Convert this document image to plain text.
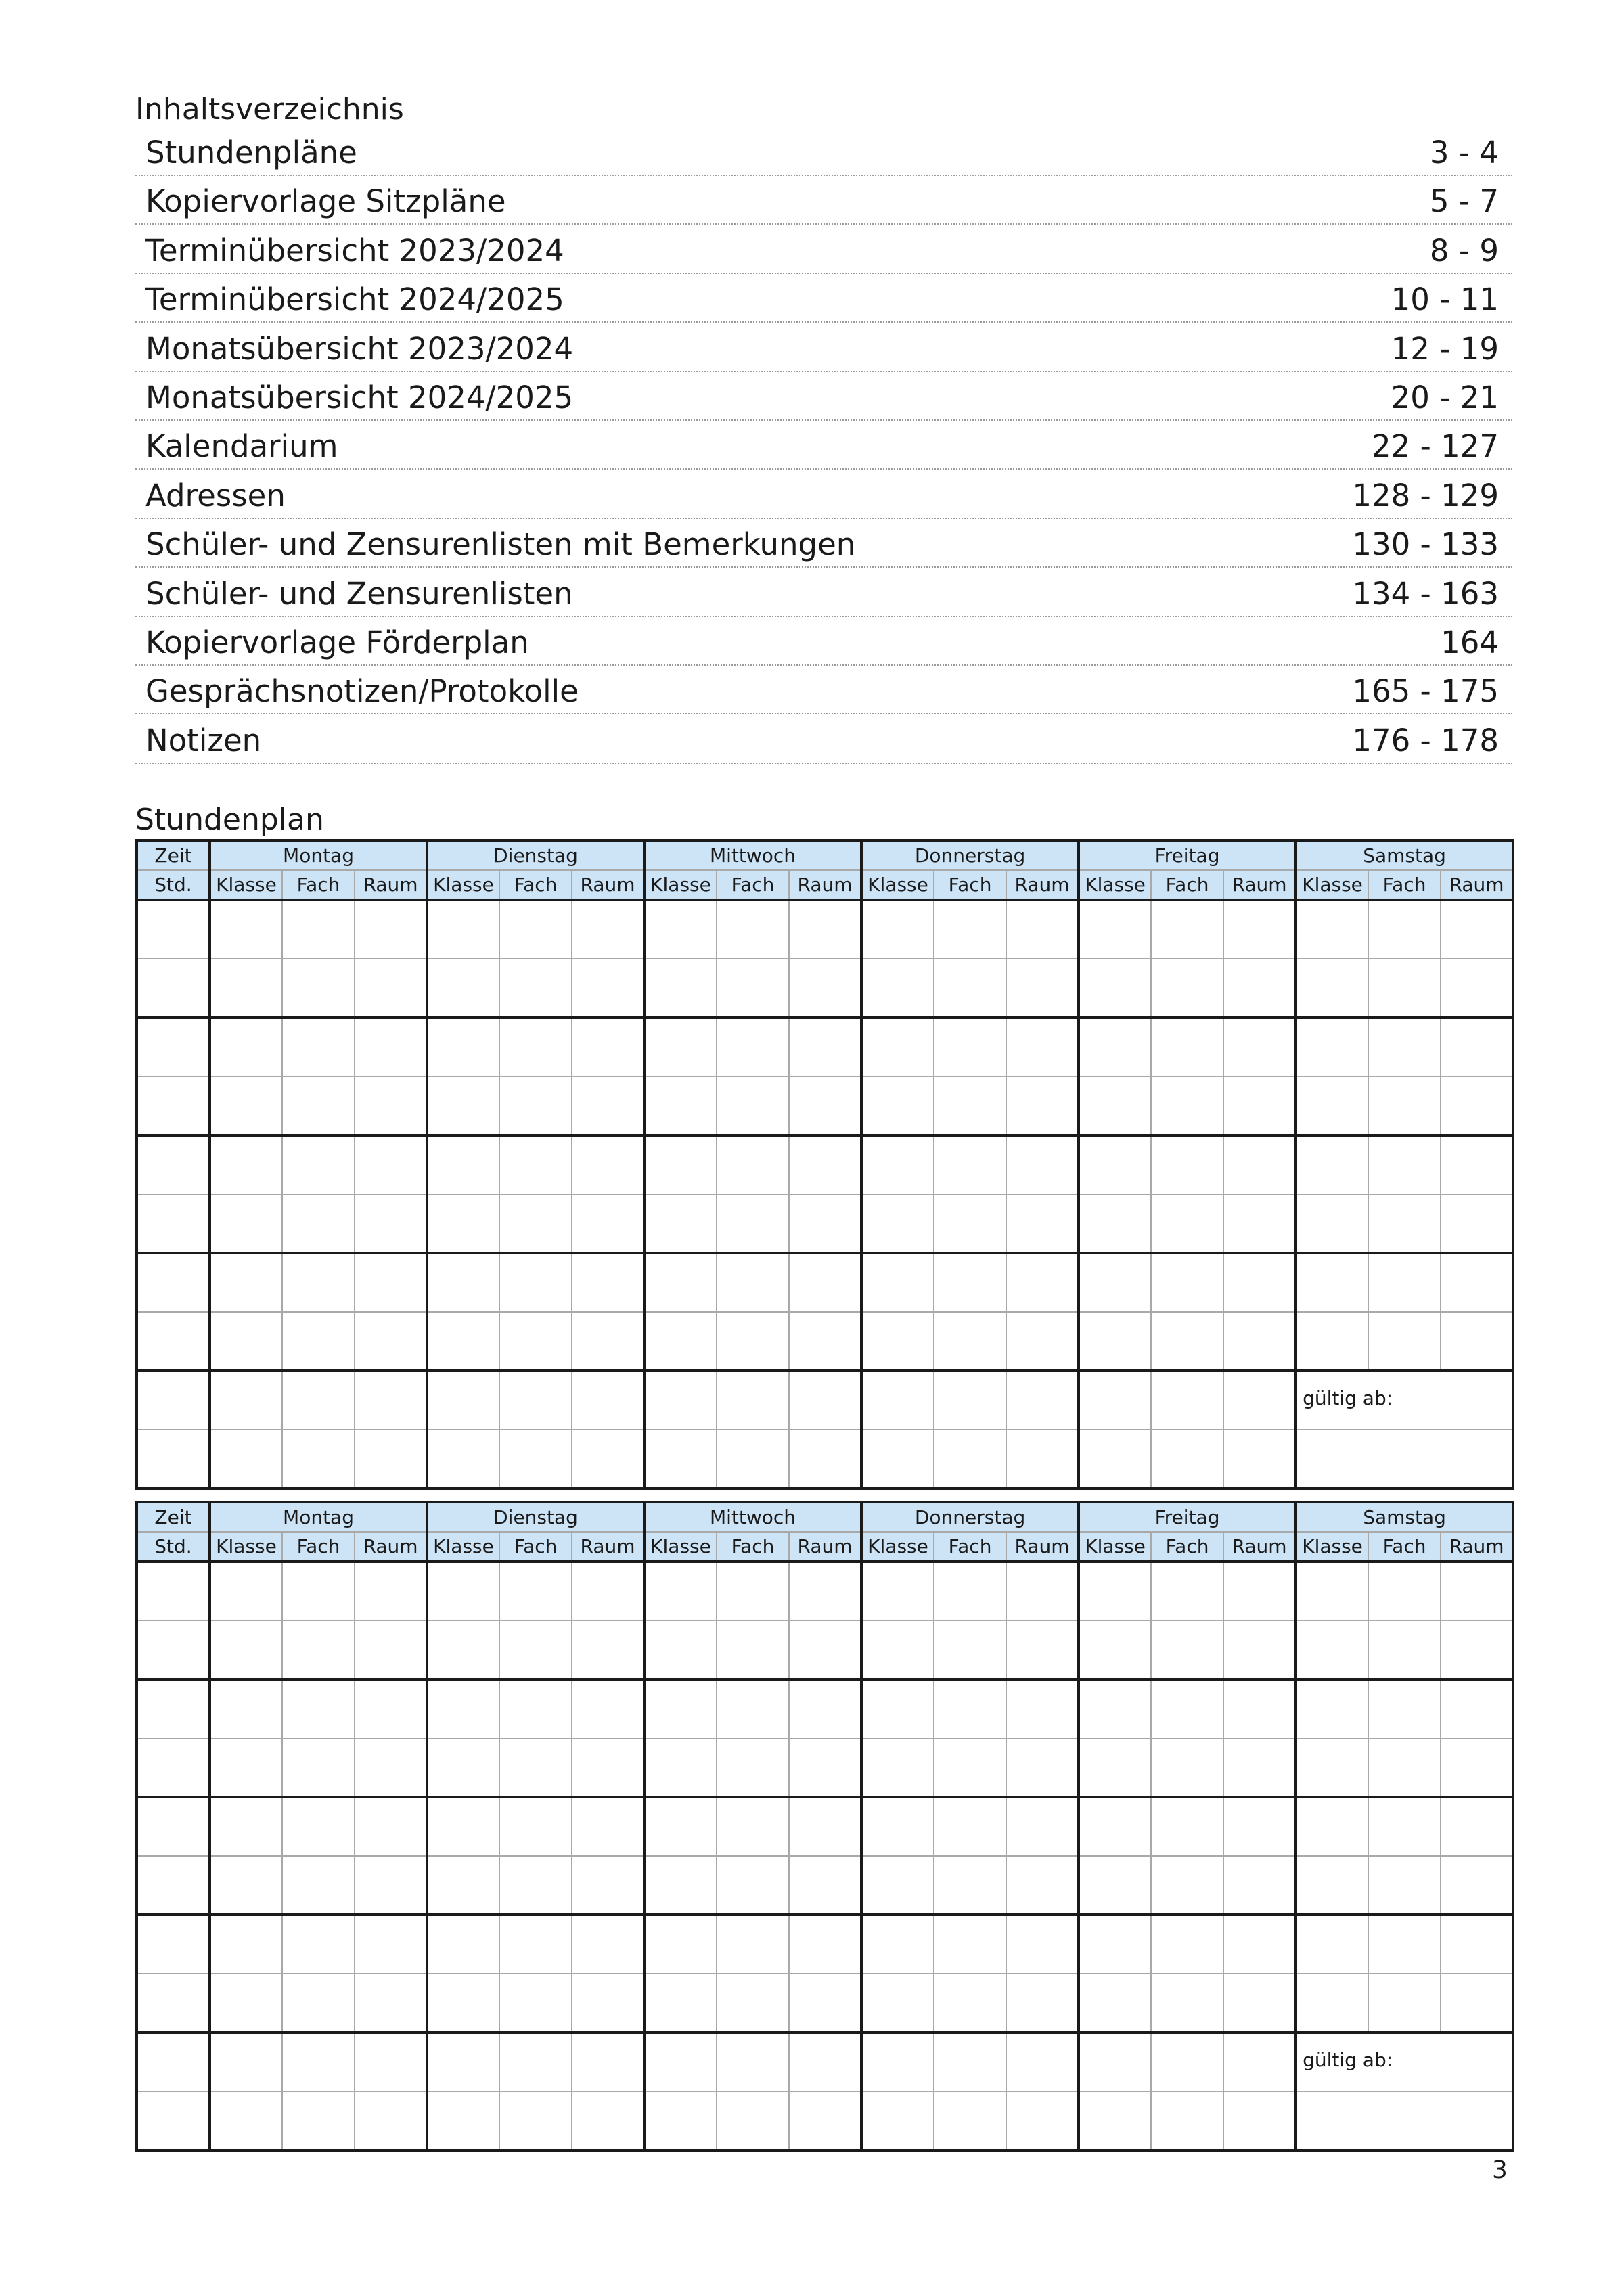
Inhaltsverzeichnis
Stundenpläne	3 - 4
Kopiervorlage Sitzpläne	5 - 7
Terminübersicht 2023/2024	8 - 9
Terminübersicht 2024/2025	10 - 11
Monatsübersicht 2023/2024	12 - 19
Monatsübersicht 2024/2025	20 - 21
Kalendarium	22 - 127
Adressen	128 - 129
Schüler- und Zensurenlisten mit Bemerkungen	130 - 133
Schüler- und Zensurenlisten	134 - 163
Kopiervorlage Förderplan	164
Gesprächsnotizen/Protokolle	165 - 175
Notizen	176 - 178
Stundenplan
Zeit	Montag			Dienstag			Mittwoch			Donnerstag			Freitag			Samstag		
Std.	Klasse	Fach	Raum	Klasse	Fach	Raum	Klasse	Fach	Raum	Klasse	Fach	Raum	Klasse	Fach	Raum	Klasse	Fach	Raum

																gültig ab:		

Zeit	Montag			Dienstag			Mittwoch			Donnerstag			Freitag			Samstag		
Std.	Klasse	Fach	Raum	Klasse	Fach	Raum	Klasse	Fach	Raum	Klasse	Fach	Raum	Klasse	Fach	Raum	Klasse	Fach	Raum

																gültig ab:		

3
